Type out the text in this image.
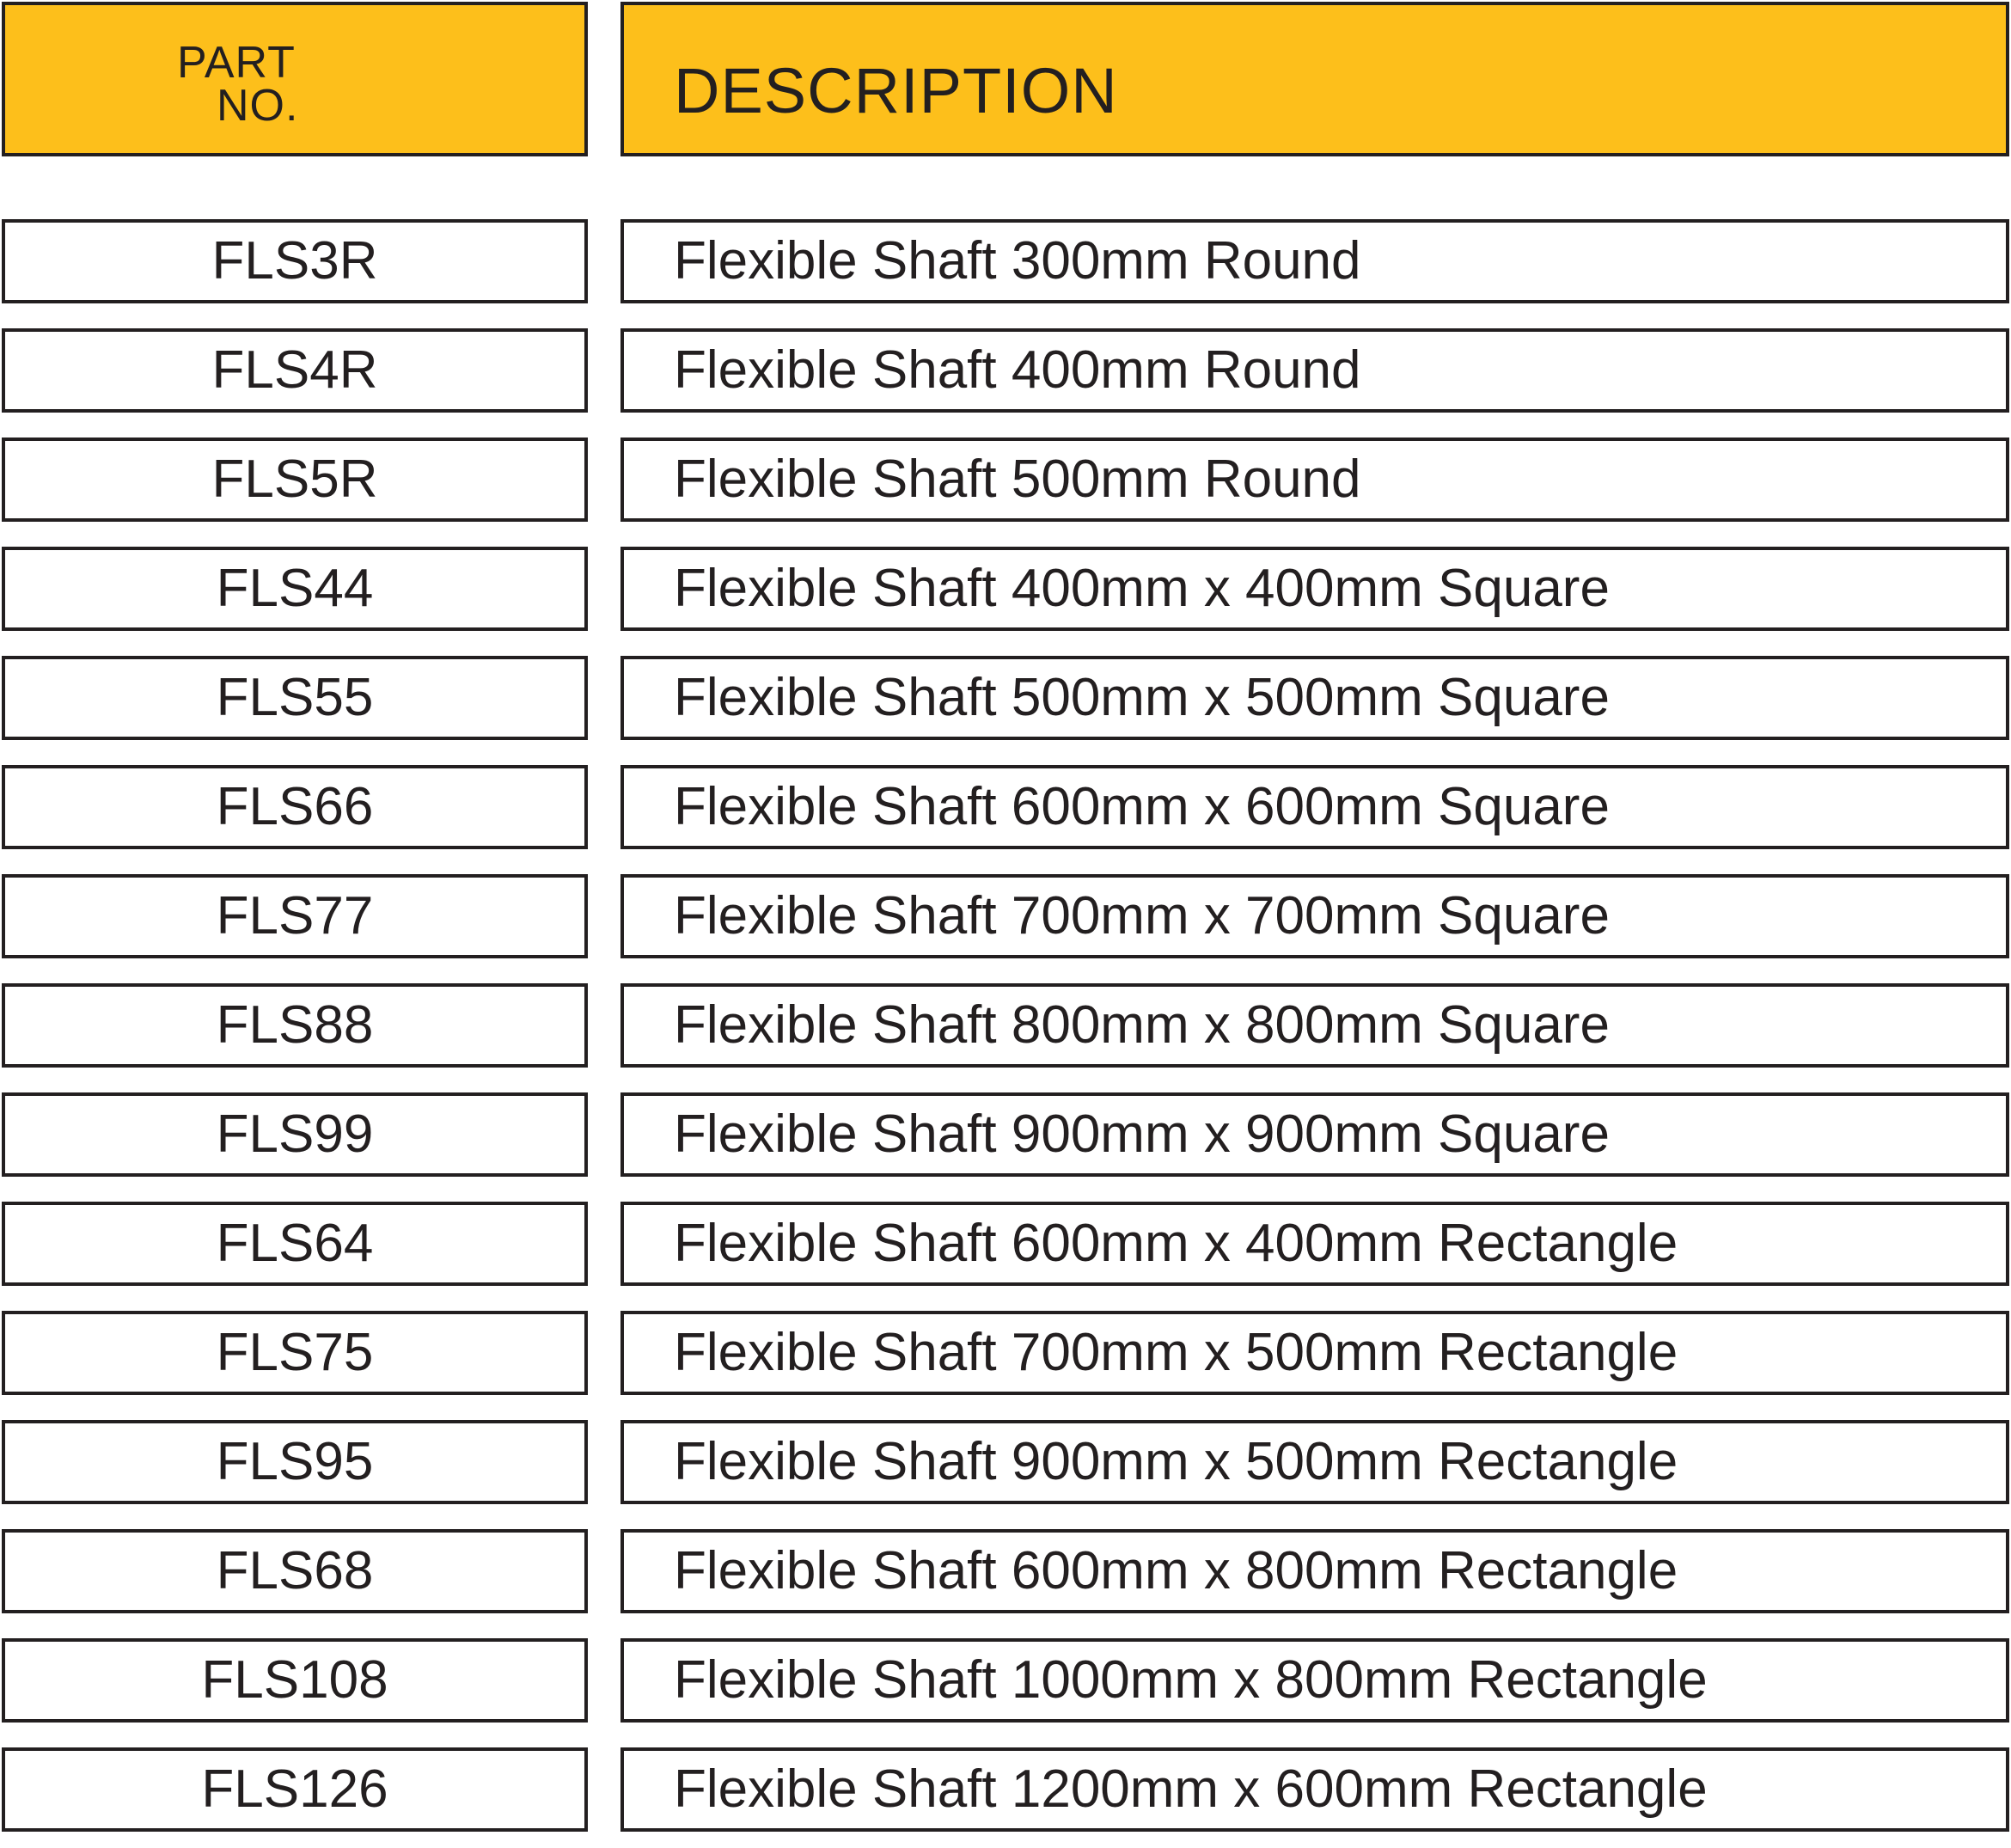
PART
NO.	DESCRIPTION
FLS3R	Flexible Shaft 300mm Round
FLS4R	Flexible Shaft 400mm Round
FLS5R	Flexible Shaft 500mm Round
FLS44	Flexible Shaft 400mm x 400mm Square
FLS55	Flexible Shaft 500mm x 500mm Square
FLS66	Flexible Shaft 600mm x 600mm Square
FLS77	Flexible Shaft 700mm x 700mm Square
FLS88	Flexible Shaft 800mm x 800mm Square
FLS99	Flexible Shaft 900mm x 900mm Square
FLS64	Flexible Shaft 600mm x 400mm Rectangle
FLS75	Flexible Shaft 700mm x 500mm Rectangle
FLS95	Flexible Shaft 900mm x 500mm Rectangle
FLS68	Flexible Shaft 600mm x 800mm Rectangle
FLS108	Flexible Shaft 1000mm x 800mm Rectangle
FLS126	Flexible Shaft 1200mm x 600mm Rectangle
